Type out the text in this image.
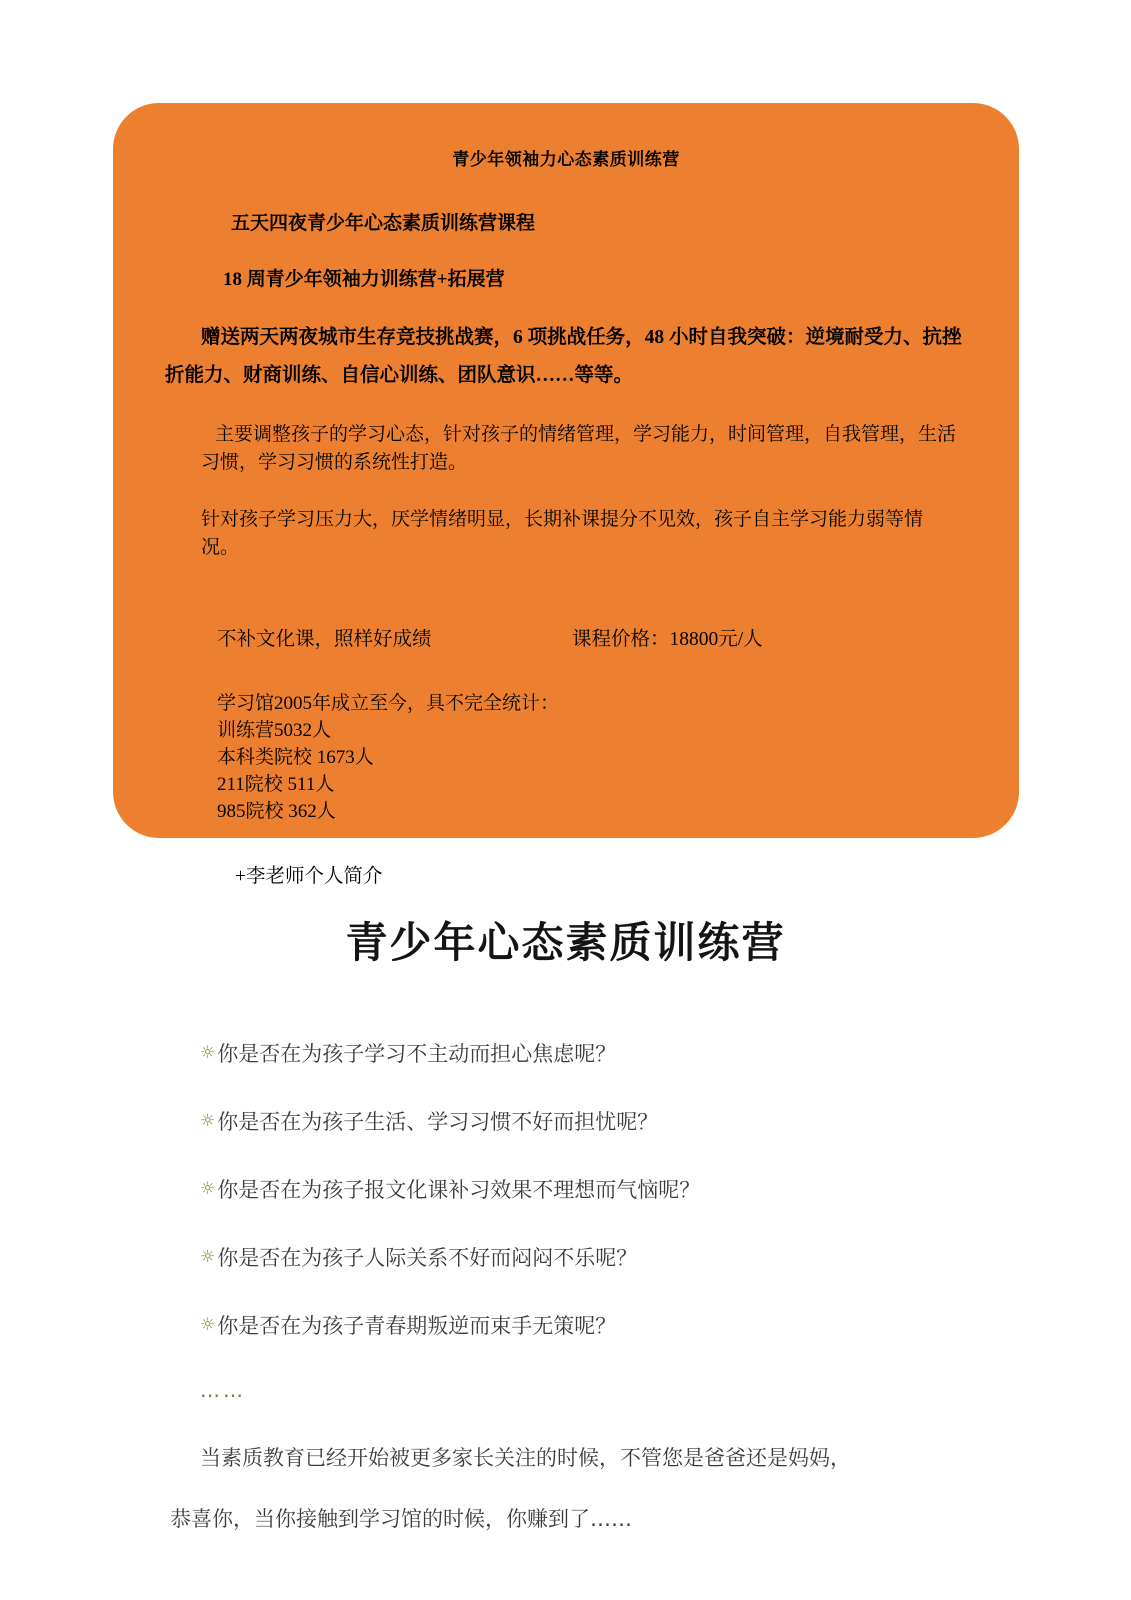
青少年领袖力心态素质训练营
五天四夜青少年心态素质训练营课程
18 周青少年领袖力训练营+拓展营
赠送两天两夜城市生存竞技挑战赛，6 项挑战任务，48 小时自我突破：逆境耐受力、抗挫折能力、财商训练、自信心训练、团队意识……等等。
主要调整孩子的学习心态，针对孩子的情绪管理，学习能力，时间管理，自我管理，生活习惯，学习习惯的系统性打造。
针对孩子学习压力大，厌学情绪明显，长期补课提分不见效，孩子自主学习能力弱等情况。
不补文化课，照样好成绩	课程价格：18800元/人
学习馆2005年成立至今，具不完全统计：
训练营5032人
本科类院校 1673人
211院校 511人
985院校 362人
+李老师个人简介
青少年心态素质训练营
☼ 你是否在为孩子学习不主动而担心焦虑呢？
☼ 你是否在为孩子生活、学习习惯不好而担忧呢？
☼ 你是否在为孩子报文化课补习效果不理想而气恼呢？
☼ 你是否在为孩子人际关系不好而闷闷不乐呢？
☼ 你是否在为孩子青春期叛逆而束手无策呢？
……
当素质教育已经开始被更多家长关注的时候，不管您是爸爸还是妈妈，
恭喜你，当你接触到学习馆的时候，你赚到了……
